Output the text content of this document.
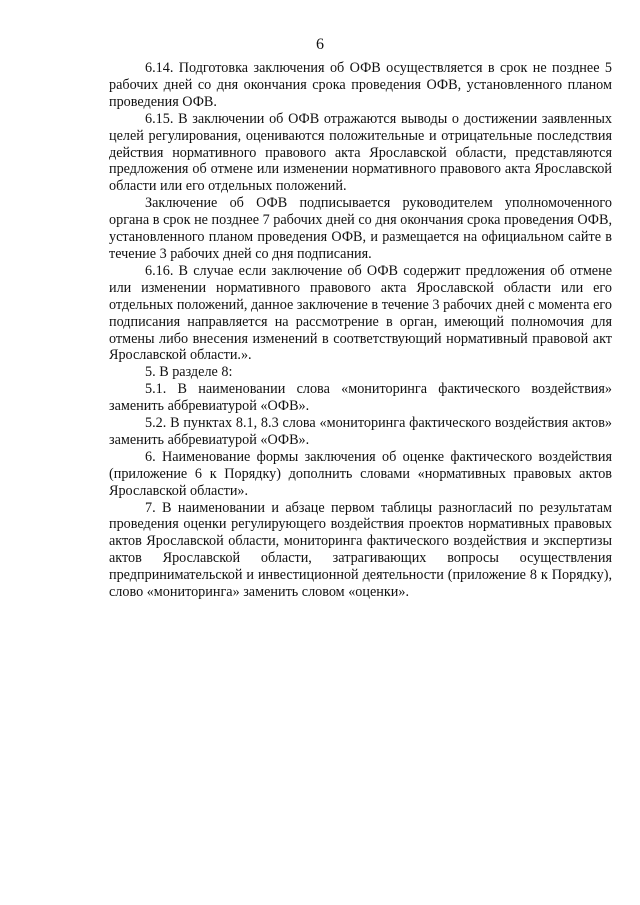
6

6.14. Подготовка заключения об ОФВ осуществляется в срок не позднее 5 рабочих дней со дня окончания срока проведения ОФВ, установленного планом проведения ОФВ.

6.15. В заключении об ОФВ отражаются выводы о достижении заявленных целей регулирования, оцениваются положительные и отрицательные последствия действия нормативного правового акта Ярославской области, представляются предложения об отмене или изменении нормативного правового акта Ярославской области или его отдельных положений.

Заключение об ОФВ подписывается руководителем уполномоченного органа в срок не позднее 7 рабочих дней со дня окончания срока проведения ОФВ, установленного планом проведения ОФВ, и размещается на официальном сайте в течение 3 рабочих дней со дня подписания.

6.16. В случае если заключение об ОФВ содержит предложения об отмене или изменении нормативного правового акта Ярославской области или его отдельных положений, данное заключение в течение 3 рабочих дней с момента его подписания направляется на рассмотрение в орган, имеющий полномочия для отмены либо внесения изменений в соответствующий нормативный правовой акт Ярославской области.».

5. В разделе 8:

5.1. В наименовании слова «мониторинга фактического воздействия» заменить аббревиатурой «ОФВ».

5.2. В пунктах 8.1, 8.3 слова «мониторинга фактического воздействия актов» заменить аббревиатурой «ОФВ».

6. Наименование формы заключения об оценке фактического воздействия (приложение 6 к Порядку) дополнить словами «нормативных правовых актов Ярославской области».

7. В наименовании и абзаце первом таблицы разногласий по результатам проведения оценки регулирующего воздействия проектов нормативных правовых актов Ярославской области, мониторинга фактического воздействия и экспертизы актов Ярославской области, затрагивающих вопросы осуществления предпринимательской и инвестиционной деятельности (приложение 8 к Порядку), слово «мониторинга» заменить словом «оценки».
